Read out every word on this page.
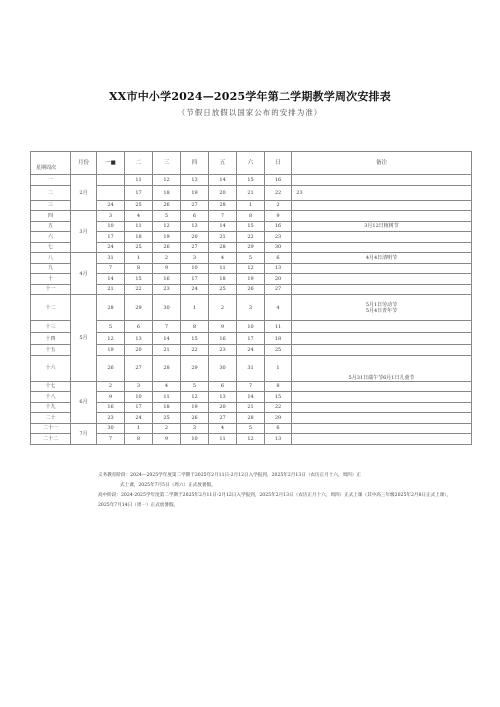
XX市中小学2024—2025学年第二学期教学周次安排表
（节假日放假以国家公布的安排为准）
星期周次	月份	一■	二	三	四	五	六	日	备注
一	2月		11	12	13	14	15	16	
二			17	18	19	20	21	22	23
三		24	25	26	27	28	1	2	
四	3月	3	4	5	6	7	8	9	
五		10	11	12	13	14	15	16	3月12日植树节
六		17	18	19	20	21	22	23	
七		24	25	26	27	28	29	30	
八	4月	31	1	2	3	4	5	6	4月4日清明节
九		7	8	9	10	11	12	13	
十		14	15	16	17	18	19	20	
十一		21	22	23	24	25	26	27	
十二	5月	28	29	30	1	2	3	4	5月1日劳动节
5月4日青年节

十三		5	6	7	8	9	10	11	
十四		12	13	14	15	16	17	18	
十五		19	20	21	22	23	24	25	
十六		26	27	28	29	30	31	1	5月31日端午节6月1日儿童节
十七	6月	2	3	4	5	6	7	8	
十八		9	10	11	12	13	14	15	
十九		16	17	18	19	20	21	22	
二十		23	24	25	26	27	28	29	
二十一	7月	30	1	2	3	4	5	6	
二十二		7	8	9	10	11	12	13	

义务教育阶段：2024—2025学年度第二学期于2025年2月11日-2月12日入学报到，2025年2月13日（农历正月十六，周四）正

式上课，2025年7月5日（周六）正式放暑假。

高中阶段：2024-2025学年度第二学期于2025年2月11日-2月12日入学报到，2025年2月13日（农历正月十六，周四）正式上课（其中高三年级2025年2月8日正式上课），2025年7月14日（周一）正式放暑假。
